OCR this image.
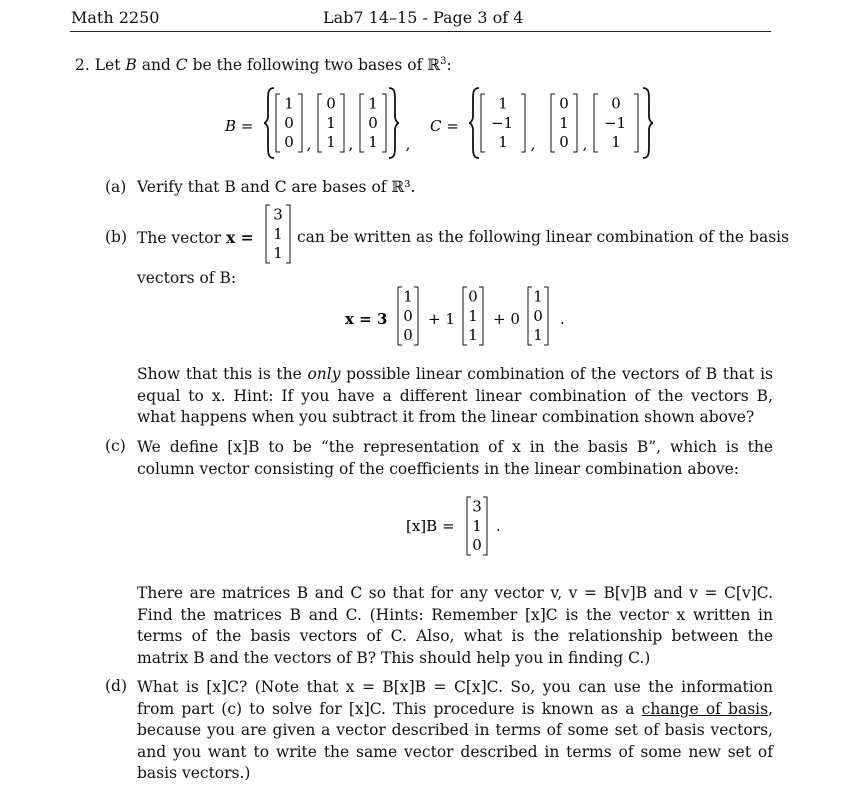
Math 2250	Lab7 14–15 - Page 3 of 4
2. Let B and C be the following two bases of ℝ$^3$:
B =
1
0
0 ,
0
1
1 ,
1
0
1 ,
C =
1
−1
1 ,
0
1
0 ,
0
−1
1
x = 3
1
0
0
+ 1
0
1
1
+ 0
1
0
1
.
[x]B =
3
1
0
.
3
1
1
(a) Verify that B and C are bases of ℝ³.
(b) The vector x =	can be written as the following linear combination of the basis
vectors of B:
Show that this is the only possible linear combination of the vectors of B that is equal to x. Hint: If you have a different linear combination of the vectors B, what happens when you subtract it from the linear combination shown above?
(c) We define [x]B to be “the representation of x in the basis B”, which is the column vector consisting of the coefficients in the linear combination above:
There are matrices B and C so that for any vector v, v = B[v]B and v = C[v]C. Find the matrices B and C. (Hints: Remember [x]C is the vector x written in terms of the basis vectors of C. Also, what is the relationship between the matrix B and the vectors of B? This should help you in finding C.)
(d) What is [x]C? (Note that x = B[x]B = C[x]C. So, you can use the information from part (c) to solve for [x]C. This procedure is known as a change of basis, because you are given a vector described in terms of some set of basis vectors, and you want to write the same vector described in terms of some new set of basis vectors.)
